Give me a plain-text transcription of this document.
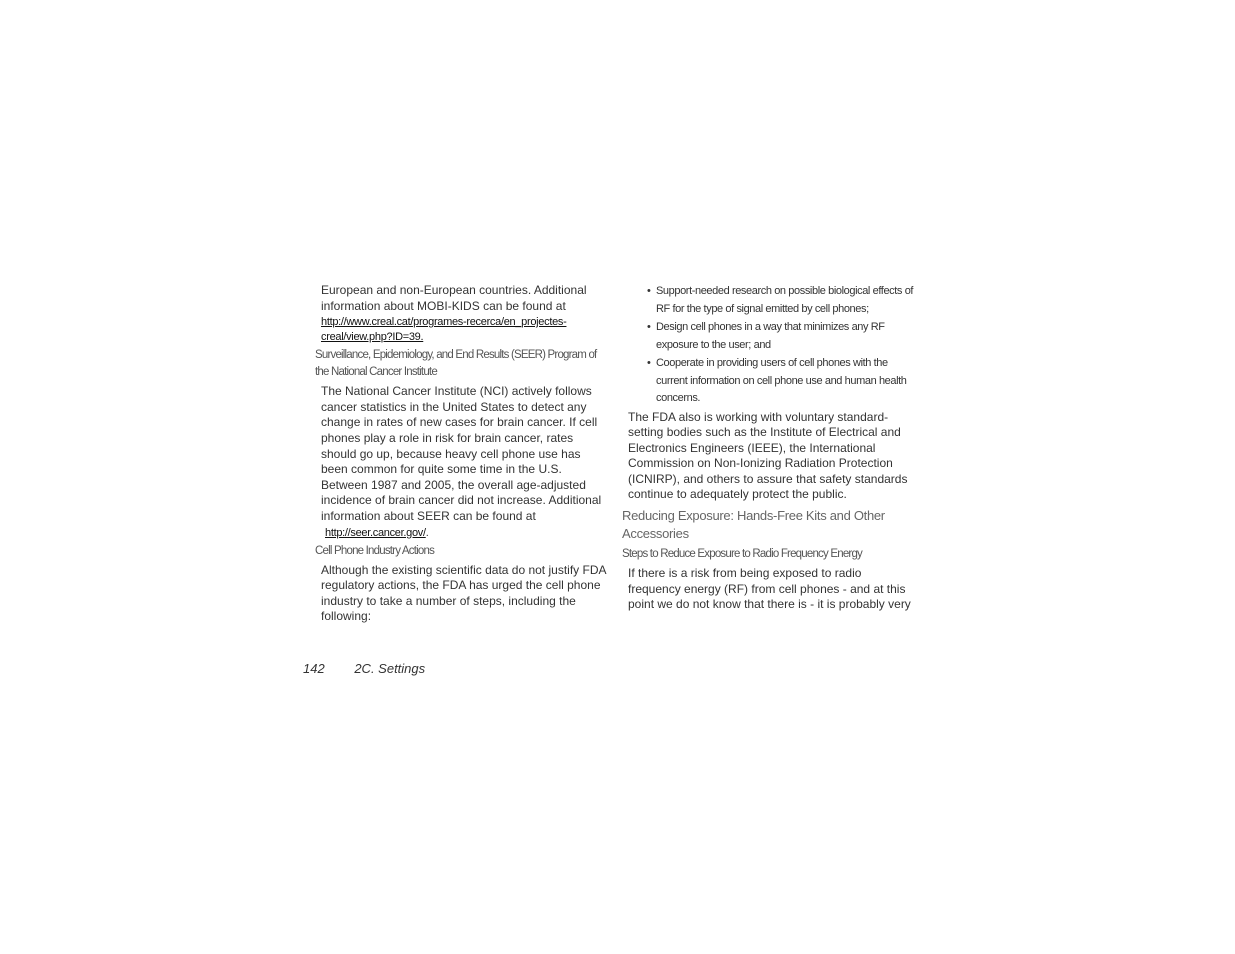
European and non-European countries. Additional information about MOBI-KIDS can be found at

http://www.creal.cat/programes-recerca/en_projectes-creal/view.php?ID=39.

Surveillance, Epidemiology, and End Results (SEER) Program of the National Cancer Institute

The National Cancer Institute (NCI) actively follows cancer statistics in the United States to detect any change in rates of new cases for brain cancer. If cell phones play a role in risk for brain cancer, rates should go up, because heavy cell phone use has been common for quite some time in the U.S. Between 1987 and 2005, the overall age-adjusted incidence of brain cancer did not increase. Additional information about SEER can be found at

http://seer.cancer.gov/.

Cell Phone Industry Actions

Although the existing scientific data do not justify FDA regulatory actions, the FDA has urged the cell phone industry to take a number of steps, including the following:

• Support-needed research on possible biological effects of RF for the type of signal emitted by cell phones;
• Design cell phones in a way that minimizes any RF exposure to the user; and
• Cooperate in providing users of cell phones with the current information on cell phone use and human health concerns.

The FDA also is working with voluntary standard-setting bodies such as the Institute of Electrical and Electronics Engineers (IEEE), the International Commission on Non-Ionizing Radiation Protection (ICNIRP), and others to assure that safety standards continue to adequately protect the public.

Reducing Exposure: Hands-Free Kits and Other Accessories

Steps to Reduce Exposure to Radio Frequency Energy

If there is a risk from being exposed to radio frequency energy (RF) from cell phones - and at this point we do not know that there is - it is probably very

142 2C. Settings
